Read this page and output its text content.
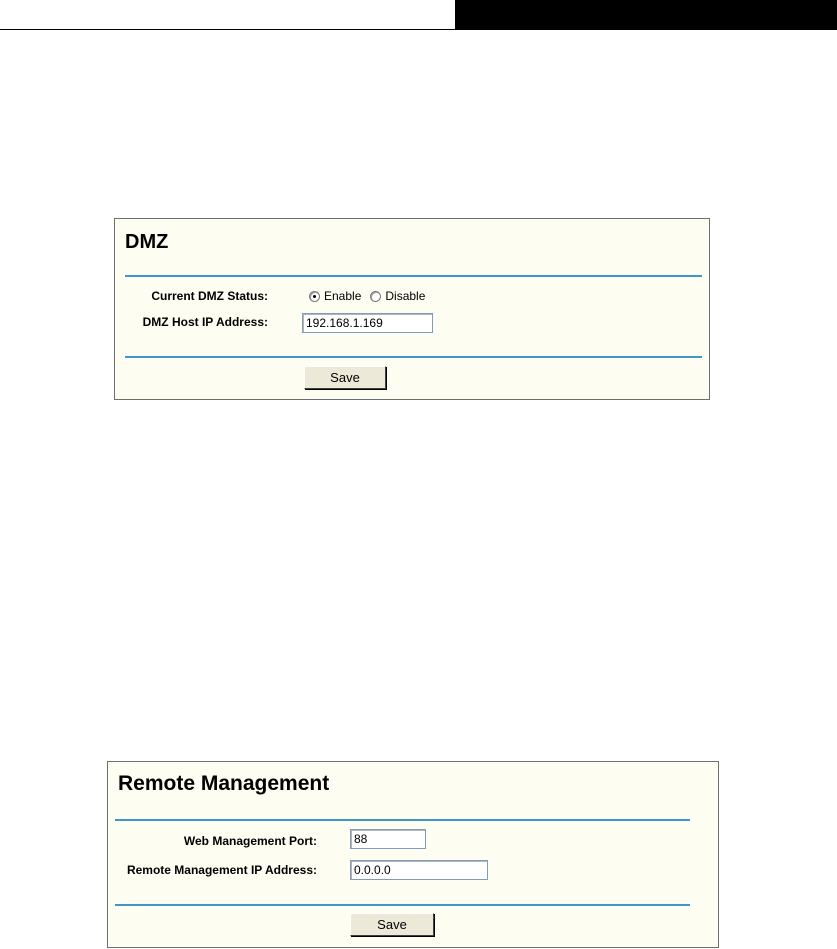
DMZ
Current DMZ Status:	Enable Disable
DMZ Host IP Address:
192.168.1.169
Save
Remote Management
Web Management Port:
88
Remote Management IP Address:
0.0.0.0
Save
